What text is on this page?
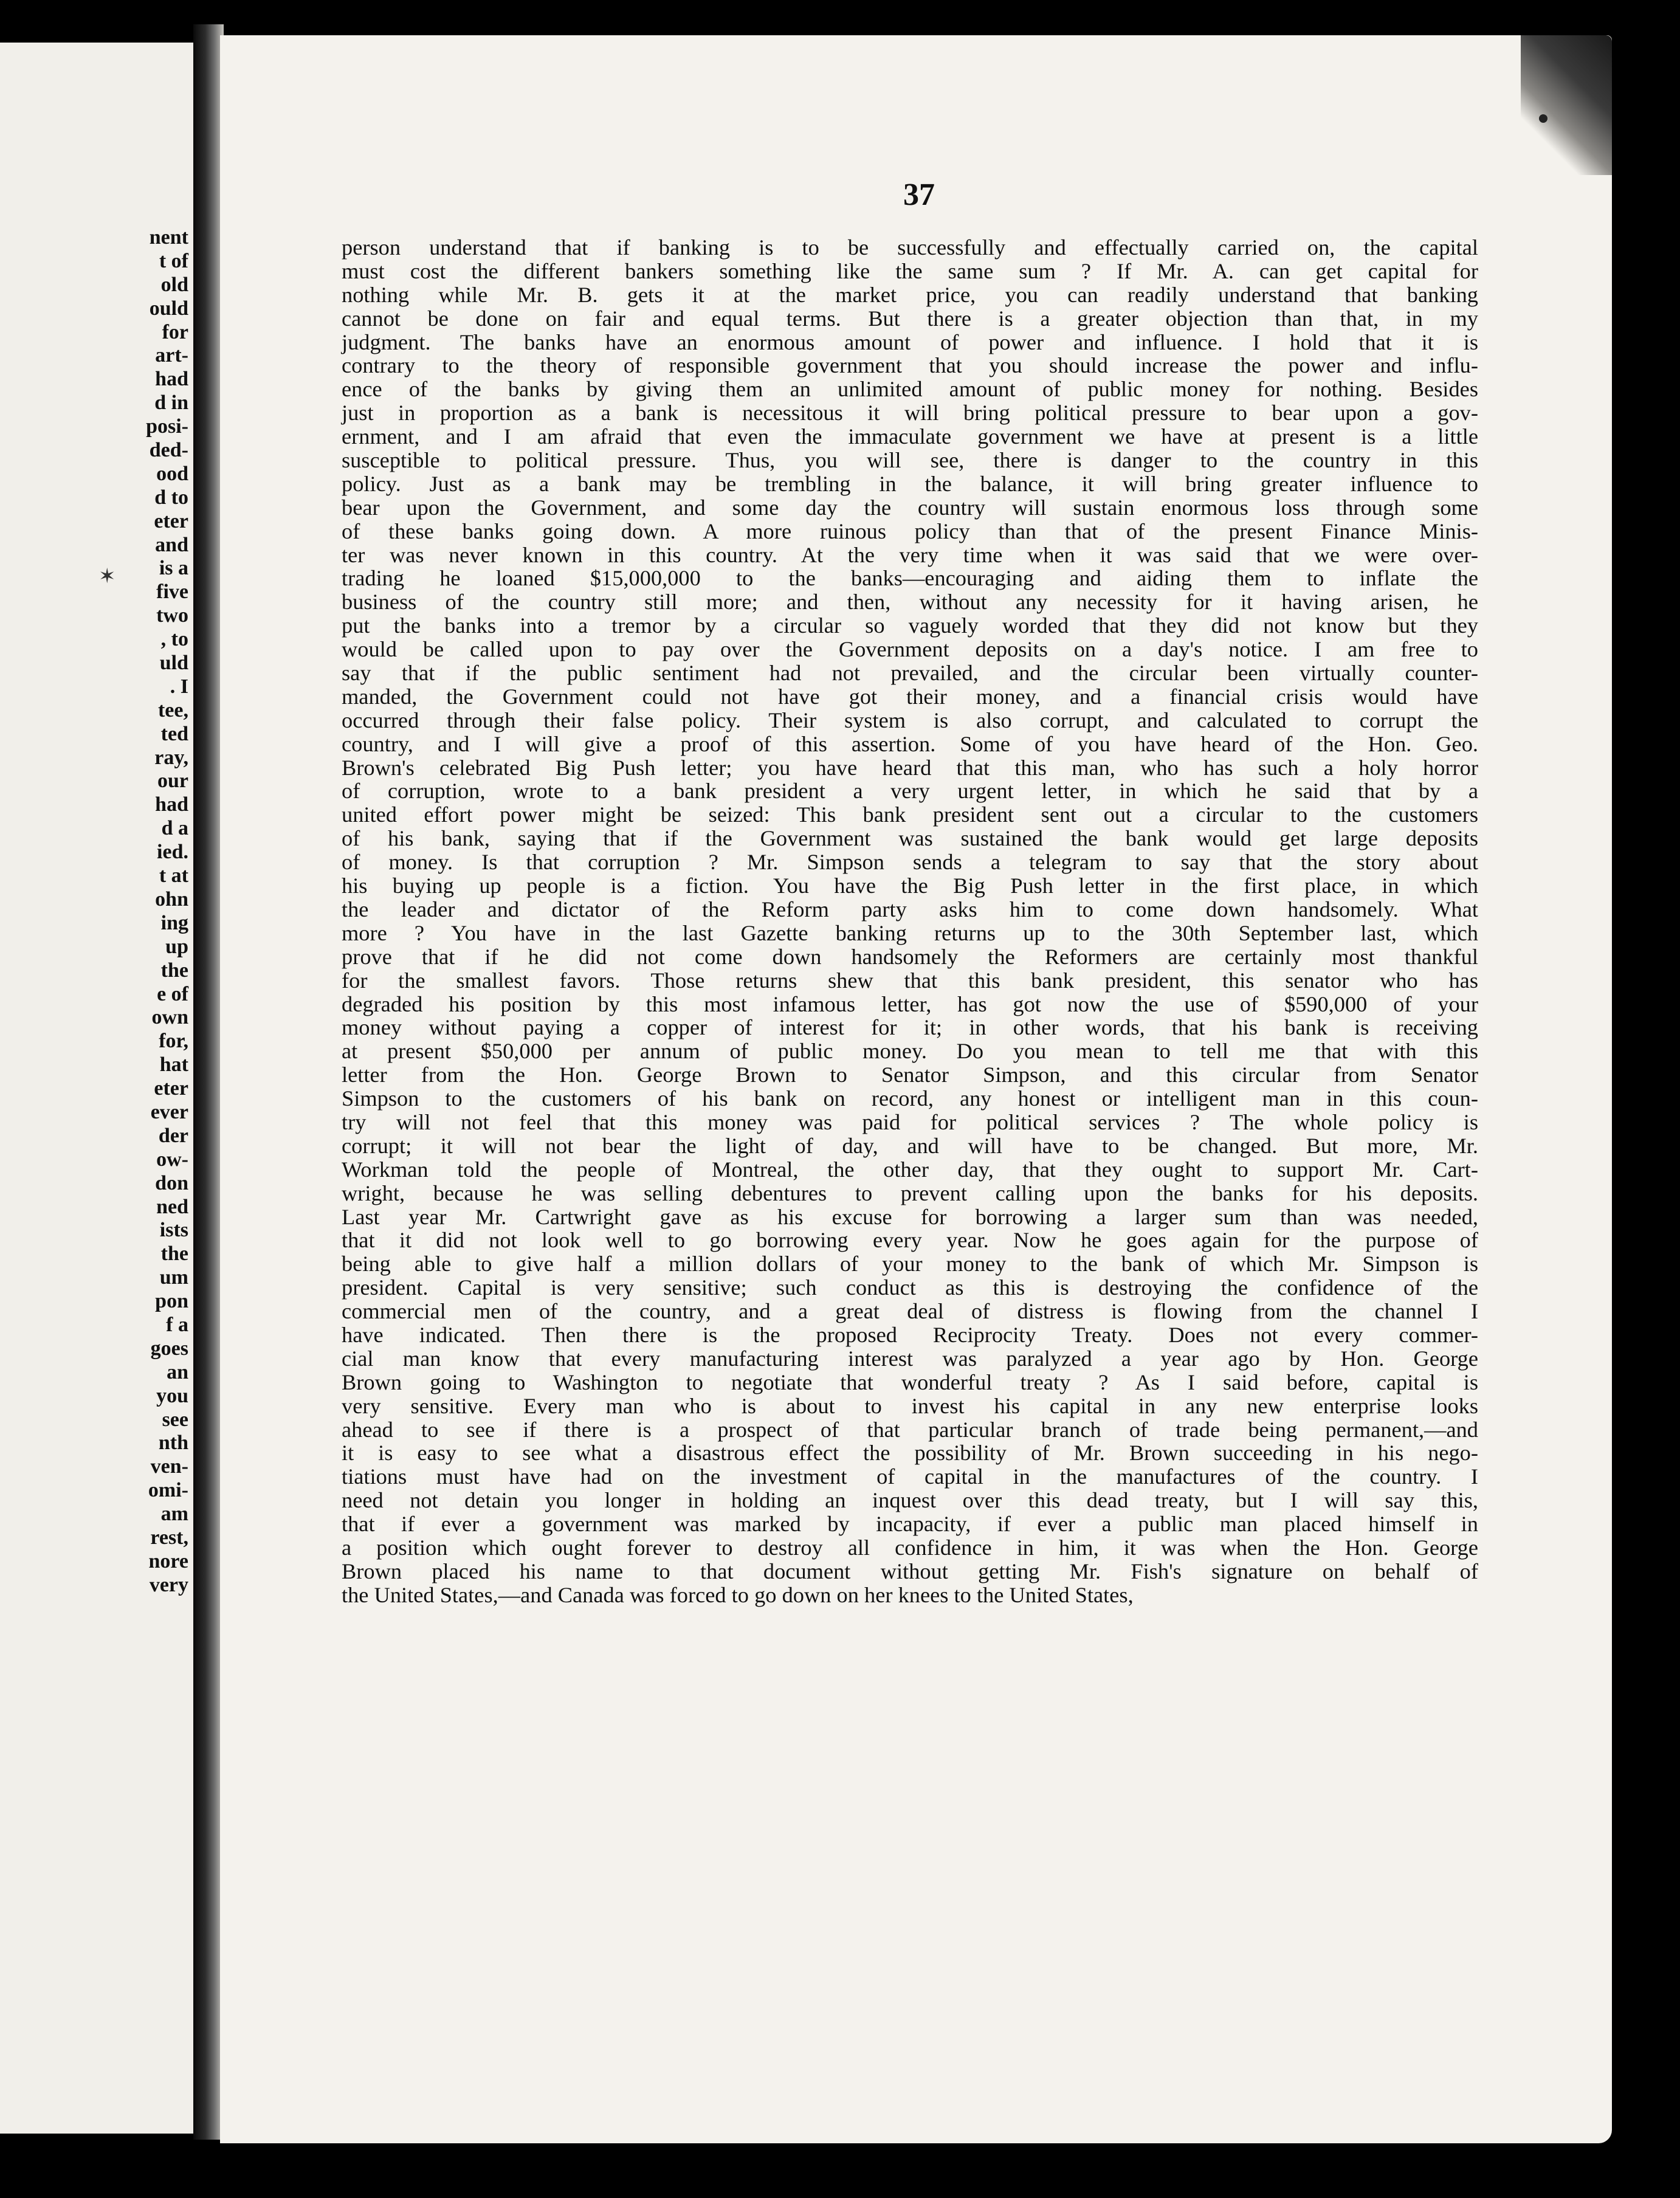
nent
t of
old
ould
for
art-
had
d in
posi-
ded-
ood
d to
eter
and
is a
five
two
, to
uld
. I
tee,
ted
ray,
our
had
d a
ied.
t at
ohn
ing
up
the
e of
own
for,
hat
eter
ever
der
ow-
don
ned
ists
the
um
pon
f a
goes
an
you
see
nth
ven-
omi-
am
rest,
nore
very
✶
37
person understand that if banking is to be successfully and effectually carried on, the capital
must cost the different bankers something like the same sum ? If Mr. A. can get capital for
nothing while Mr. B. gets it at the market price, you can readily understand that banking
cannot be done on fair and equal terms. But there is a greater objection than that, in my
judgment. The banks have an enormous amount of power and influence. I hold that it is
contrary to the theory of responsible government that you should increase the power and influ-
ence of the banks by giving them an unlimited amount of public money for nothing. Besides
just in proportion as a bank is necessitous it will bring political pressure to bear upon a gov-
ernment, and I am afraid that even the immaculate government we have at present is a little
susceptible to political pressure. Thus, you will see, there is danger to the country in this
policy. Just as a bank may be trembling in the balance, it will bring greater influence to
bear upon the Government, and some day the country will sustain enormous loss through some
of these banks going down. A more ruinous policy than that of the present Finance Minis-
ter was never known in this country. At the very time when it was said that we were over-
trading he loaned $15,000,000 to the banks—encouraging and aiding them to inflate the
business of the country still more; and then, without any necessity for it having arisen, he
put the banks into a tremor by a circular so vaguely worded that they did not know but they
would be called upon to pay over the Government deposits on a day's notice. I am free to
say that if the public sentiment had not prevailed, and the circular been virtually counter-
manded, the Government could not have got their money, and a financial crisis would have
occurred through their false policy. Their system is also corrupt, and calculated to corrupt the
country, and I will give a proof of this assertion. Some of you have heard of the Hon. Geo.
Brown's celebrated Big Push letter; you have heard that this man, who has such a holy horror
of corruption, wrote to a bank president a very urgent letter, in which he said that by a
united effort power might be seized: This bank president sent out a circular to the customers
of his bank, saying that if the Government was sustained the bank would get large deposits
of money. Is that corruption ? Mr. Simpson sends a telegram to say that the story about
his buying up people is a fiction. You have the Big Push letter in the first place, in which
the leader and dictator of the Reform party asks him to come down handsomely. What
more ? You have in the last Gazette banking returns up to the 30th September last, which
prove that if he did not come down handsomely the Reformers are certainly most thankful
for the smallest favors. Those returns shew that this bank president, this senator who has
degraded his position by this most infamous letter, has got now the use of $590,000 of your
money without paying a copper of interest for it; in other words, that his bank is receiving
at present $50,000 per annum of public money. Do you mean to tell me that with this
letter from the Hon. George Brown to Senator Simpson, and this circular from Senator
Simpson to the customers of his bank on record, any honest or intelligent man in this coun-
try will not feel that this money was paid for political services ? The whole policy is
corrupt; it will not bear the light of day, and will have to be changed. But more, Mr.
Workman told the people of Montreal, the other day, that they ought to support Mr. Cart-
wright, because he was selling debentures to prevent calling upon the banks for his deposits.
Last year Mr. Cartwright gave as his excuse for borrowing a larger sum than was needed,
that it did not look well to go borrowing every year. Now he goes again for the purpose of
being able to give half a million dollars of your money to the bank of which Mr. Simpson is
president. Capital is very sensitive; such conduct as this is destroying the confidence of the
commercial men of the country, and a great deal of distress is flowing from the channel I
have indicated. Then there is the proposed Reciprocity Treaty. Does not every commer-
cial man know that every manufacturing interest was paralyzed a year ago by Hon. George
Brown going to Washington to negotiate that wonderful treaty ? As I said before, capital is
very sensitive. Every man who is about to invest his capital in any new enterprise looks
ahead to see if there is a prospect of that particular branch of trade being permanent,—and
it is easy to see what a disastrous effect the possibility of Mr. Brown succeeding in his nego-
tiations must have had on the investment of capital in the manufactures of the country. I
need not detain you longer in holding an inquest over this dead treaty, but I will say this,
that if ever a government was marked by incapacity, if ever a public man placed himself in
a position which ought forever to destroy all confidence in him, it was when the Hon. George
Brown placed his name to that document without getting Mr. Fish's signature on behalf of
the United States,—and Canada was forced to go down on her knees to the United States,
